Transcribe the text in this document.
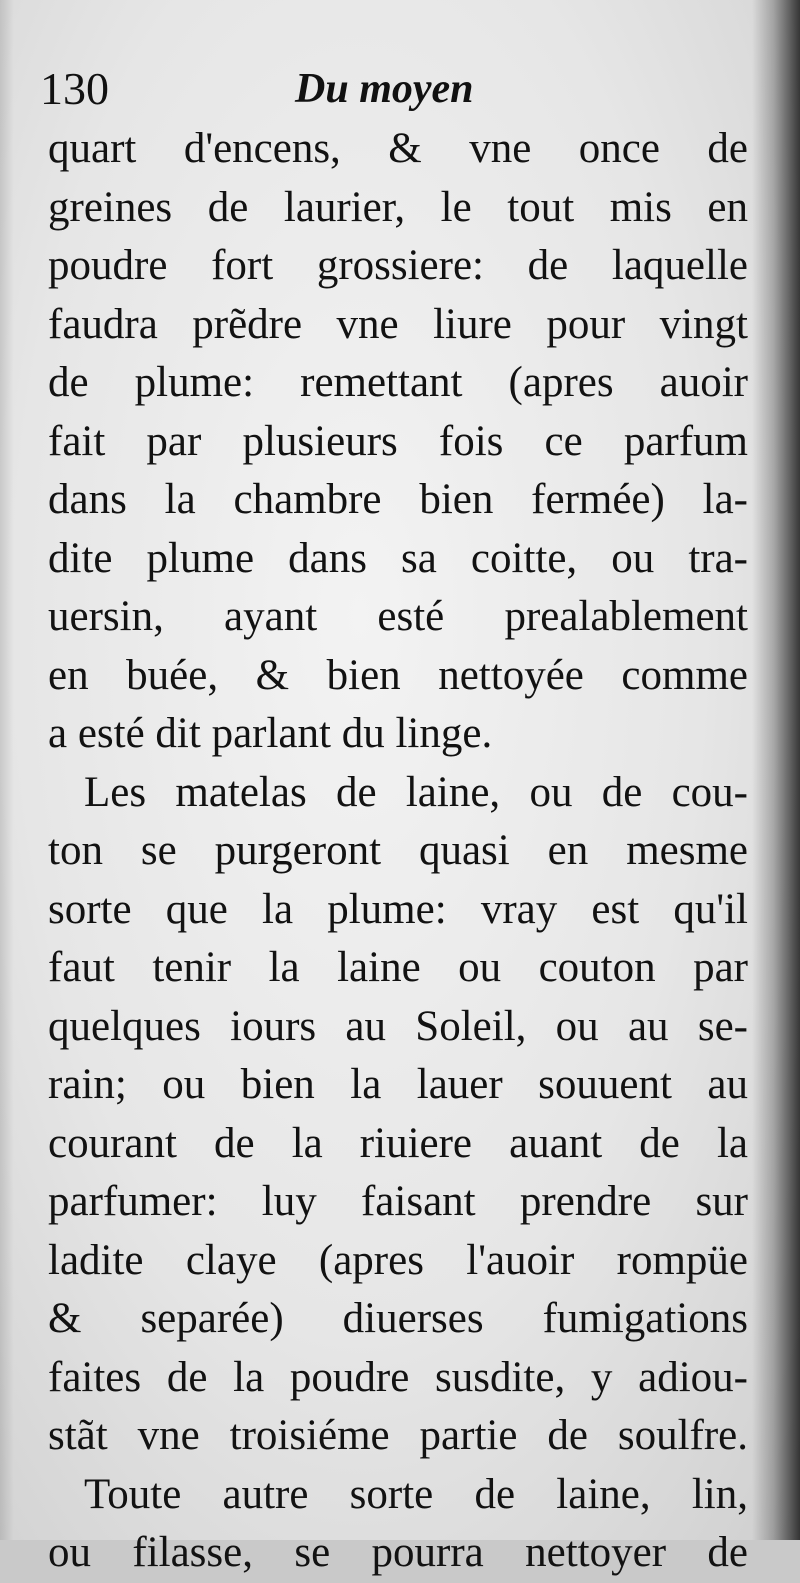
130	Du moyen
quart d'encens, & vne once de
greines de laurier, le tout mis en
poudre fort grossiere: de laquelle
faudra prẽdre vne liure pour vingt
de plume: remettant (apres auoir
fait par plusieurs fois ce parfum
dans la chambre bien fermée) la-
dite plume dans sa coitte, ou tra-
uersin, ayant esté prealablement
en buée, & bien nettoyée comme
a esté dit parlant du linge.
Les matelas de laine, ou de cou-
ton se purgeront quasi en mesme
sorte que la plume: vray est qu'il
faut tenir la laine ou couton par
quelques iours au Soleil, ou au se-
rain; ou bien la lauer souuent au
courant de la riuiere auant de la
parfumer: luy faisant prendre sur
ladite claye (apres l'auoir rompüe
& separée) diuerses fumigations
faites de la poudre susdite, y adiou-
stãt vne troisiéme partie de soulfre.
Toute autre sorte de laine, lin,
ou filasse, se pourra nettoyer de
